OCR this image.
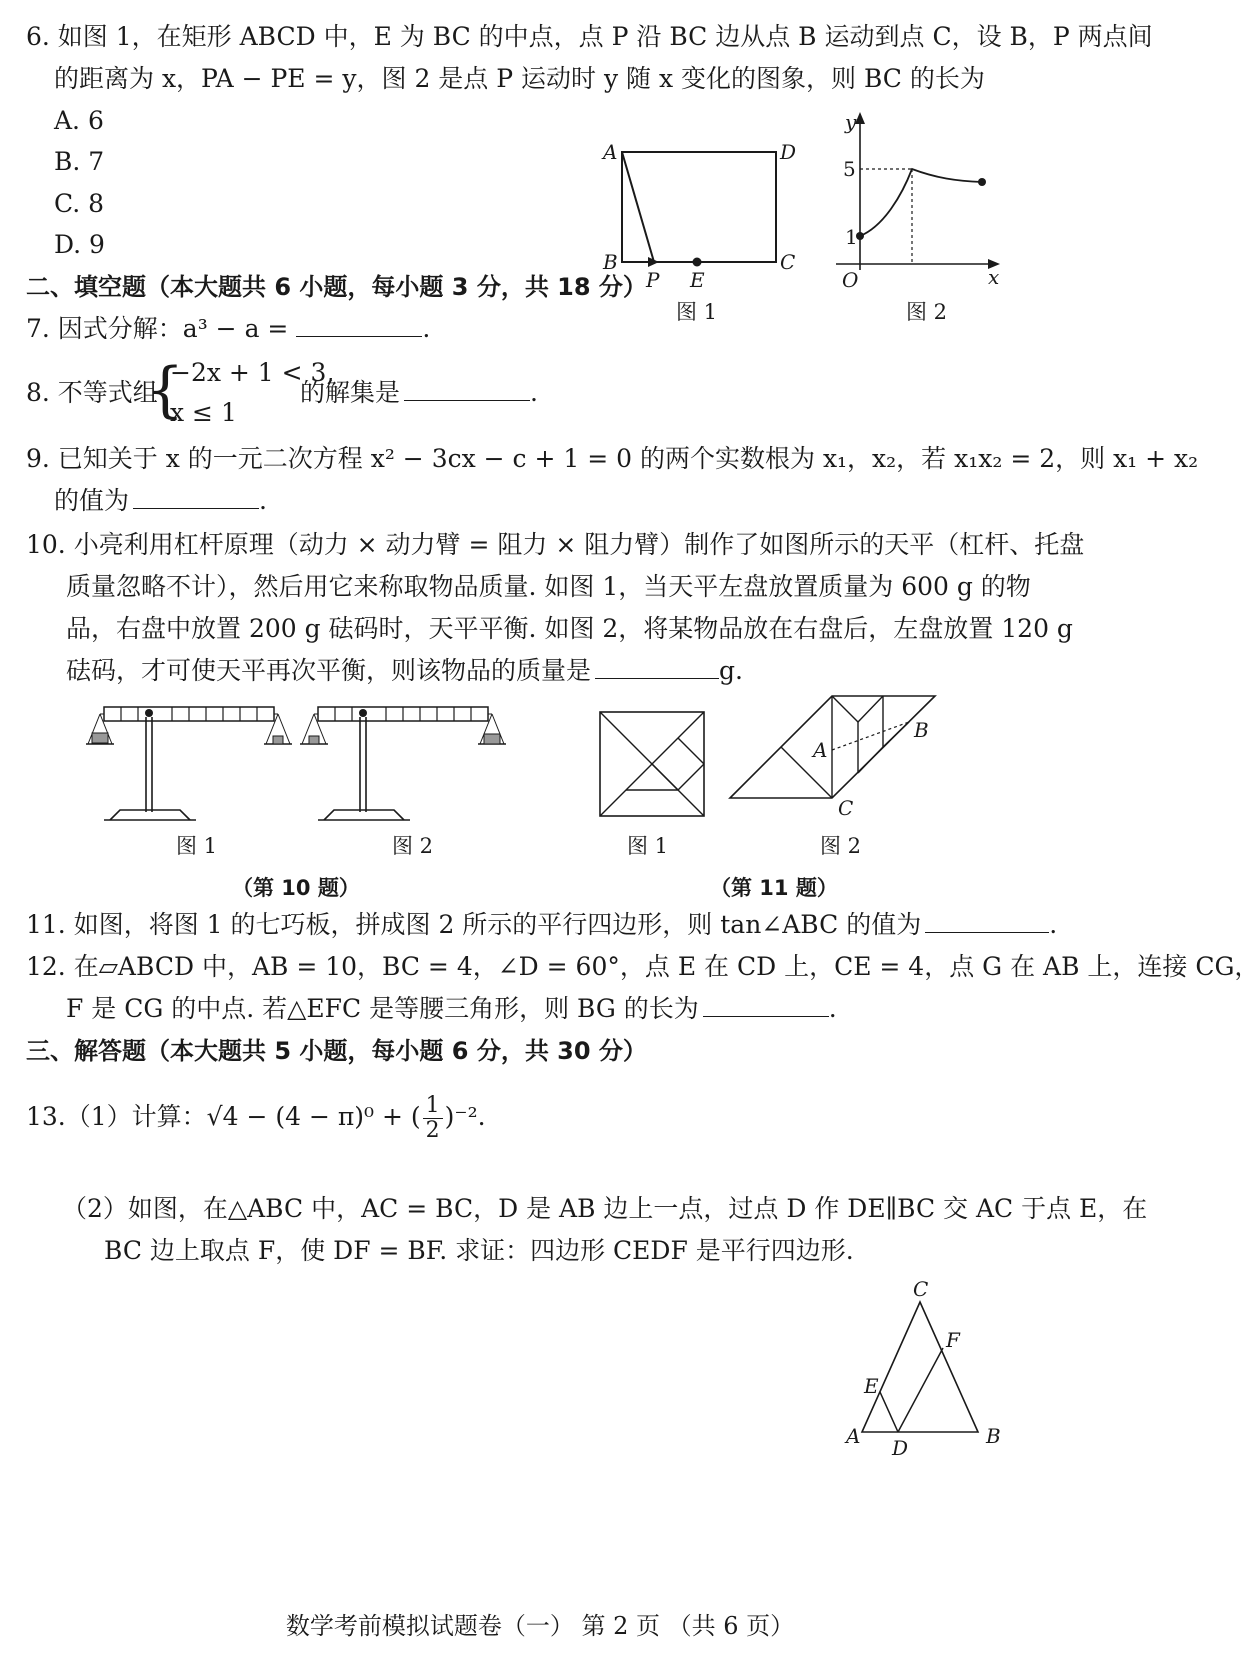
6. 如图 1，在矩形 ABCD 中，E 为 BC 的中点，点 P 沿 BC 边从点 B 运动到点 C，设 B，P 两点间
的距离为 x，PA − PE = y，图 2 是点 P 运动时 y 随 x 变化的图象，则 BC 的长为
A. 6
B. 7
C. 8
D. 9
A	D
B	C
P E
图 1
y
x
O
5
1
图 2
二、填空题（本大题共 6 小题，每小题 3 分，共 18 分）
7. 因式分解：a³ − a =	.
8. 不等式组
{
−2x + 1 < 3,
x ≤ 1
的解集是	.
9. 已知关于 x 的一元二次方程 x² − 3cx − c + 1 = 0 的两个实数根为 x₁，x₂，若 x₁x₂ = 2，则 x₁ + x₂
的值为	.
10. 小亮利用杠杆原理（动力 × 动力臂 = 阻力 × 阻力臂）制作了如图所示的天平（杠杆、托盘
质量忽略不计），然后用它来称取物品质量. 如图 1，当天平左盘放置质量为 600 g 的物
品，右盘中放置 200 g 砝码时，天平平衡. 如图 2，将某物品放在右盘后，左盘放置 120 g
砝码，才可使天平再次平衡，则该物品的质量是	g.
图 1	图 2
（第 10 题）
图 1
A
B
C
图 2
（第 11 题）
11. 如图，将图 1 的七巧板，拼成图 2 所示的平行四边形，则 tan∠ABC 的值为	.
12. 在▱ABCD 中，AB = 10，BC = 4，∠D = 60°，点 E 在 CD 上，CE = 4，点 G 在 AB 上，连接 CG，
F 是 CG 的中点. 若△EFC 是等腰三角形，则 BG 的长为	.
三、解答题（本大题共 5 小题，每小题 6 分，共 30 分）
13.（1）计算：√4 − (4 − π)⁰ + ( $\frac{1}{2} )^{-2}$.
（2）如图，在△ABC 中，AC = BC，D 是 AB 边上一点，过点 D 作 DE∥BC 交 AC 于点 E，在
BC 边上取点 F，使 DF = BF. 求证：四边形 CEDF 是平行四边形.
C
F
E
A D	B
数学考前模拟试题卷（一） 第 2 页 （共 6 页）
